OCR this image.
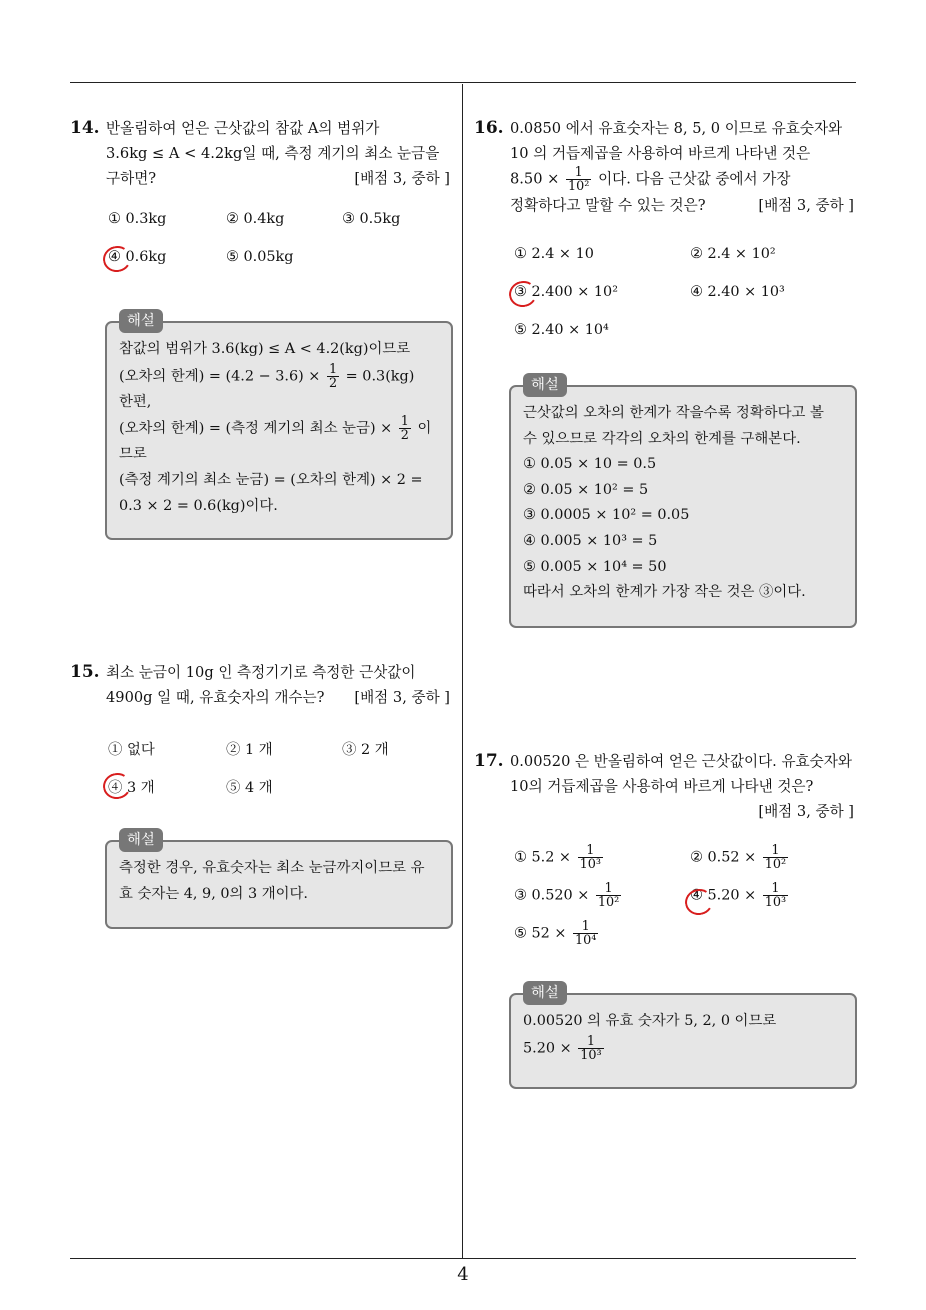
4
14. 반올림하여 얻은 근삿값의 참값 A의 범위가
3.6kg ≤ A < 4.2kg일 때, 측정 계기의 최소 눈금을
구하면?	[배점 3, 중하 ]
① 0.3kg	② 0.4kg	③ 0.5kg
④ 0.6kg	⑤ 0.05kg
해설
참값의 범위가 3.6(kg) ≤ A < 4.2(kg)이므로
(오차의 한계) = $(4.2 - 3.6) \times \frac{1}{2} = 0.3(kg)$
한편,
(오차의 한계) = (측정 계기의 최소 눈금) × $\frac{1}{2}$ 이
므로
(측정 계기의 최소 눈금) = (오차의 한계) × 2 =
0.3 × 2 = 0.6(kg)이다.
15. 최소 눈금이 10g 인 측정기기로 측정한 근삿값이
4900g 일 때, 유효숫자의 개수는? [배점 3, 중하 ]
① 없다	② 1 개	③ 2 개
④ 3 개	⑤ 4 개
해설
측정한 경우, 유효숫자는 최소 눈금까지이므로 유
효 숫자는 4, 9, 0의 3 개이다.
16. 0.0850 에서 유효숫자는 8, 5, 0 이므로 유효숫자와
10 의 거듭제곱을 사용하여 바르게 나타낸 것은
$8.50 \times \frac{1}{\text{10²}}$ 이다. 다음 근삿값 중에서 가장
정확하다고 말할 수 있는 것은?	[배점 3, 중하 ]
① 2.4 × 10	② 2.4 × 10²
③ 2.400 × 10²	④ 2.40 × 10³
⑤ 2.40 × 10⁴
해설
근삿값의 오차의 한계가 작을수록 정확하다고 볼
수 있으므로 각각의 오차의 한계를 구해본다.
① 0.05 × 10 = 0.5
② 0.05 × 10² = 5
③ 0.0005 × 10² = 0.05
④ 0.005 × 10³ = 5
⑤ 0.005 × 10⁴ = 50
따라서 오차의 한계가 가장 작은 것은 ③이다.
17. 0.00520 은 반올림하여 얻은 근삿값이다. 유효숫자와
10의 거듭제곱을 사용하여 바르게 나타낸 것은?
[배점 3, 중하 ]
① $5.2 \times \frac{1}{\text{10³}}$	② $0.52 \times \frac{1}{\text{10²}}$
③ $0.520 \times \frac{1}{\text{10²}}$	④ $5.20 \times \frac{1}{\text{10³}}$
⑤ $52 \times \frac{1}{\text{10⁴}}$
해설
0.00520 의 유효 숫자가 5, 2, 0 이므로
$5.20 \times \frac{1}{\text{10³}}$
